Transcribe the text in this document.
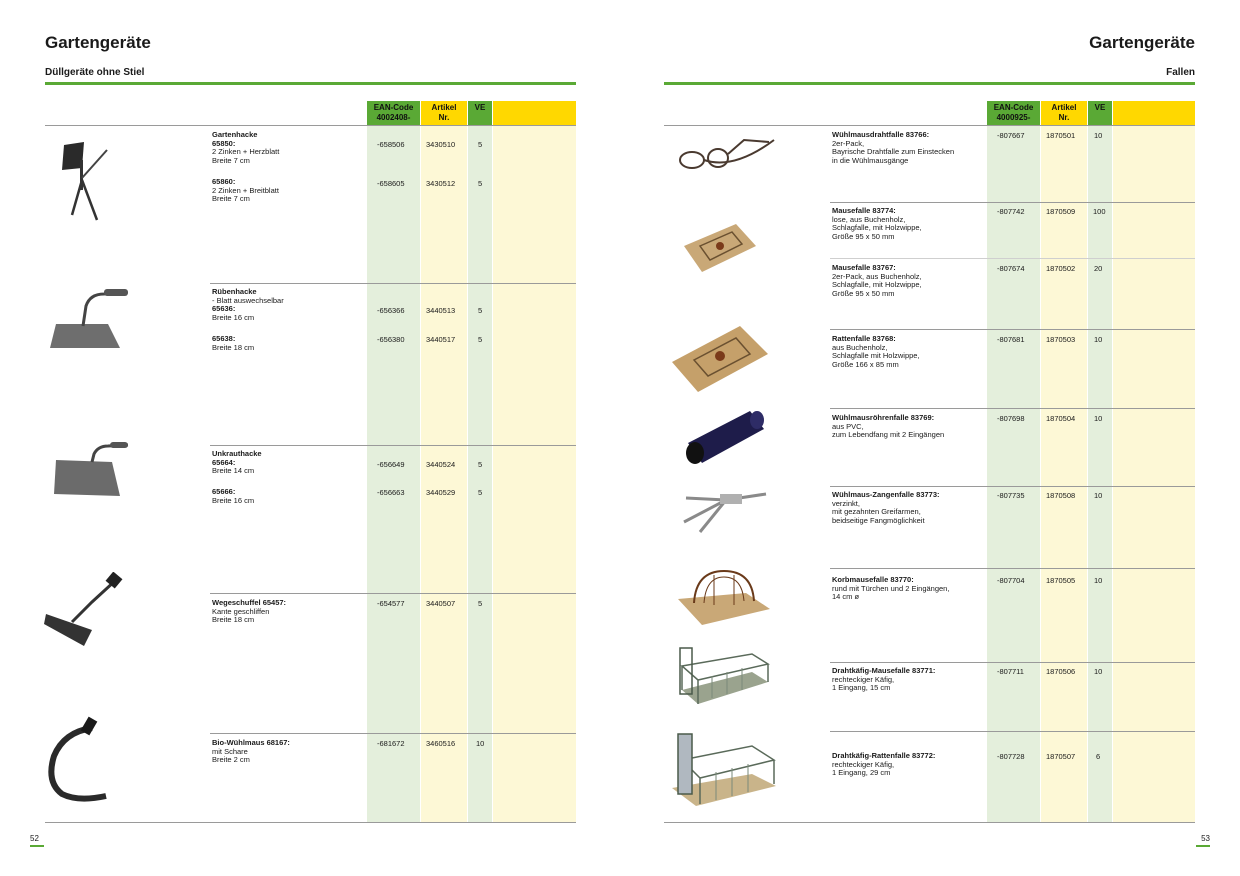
Gartengeräte
Düllgeräte ohne Stiel
EAN-Code
4002408-
Artikel
Nr.
VE
Gartenhacke
65850:
2 Zinken + Herzblatt
Breite 7 cm
-658506	3430510	5
65860:
2 Zinken + Breitblatt
Breite 7 cm
-658605	3430512	5
Rübenhacke
- Blatt auswechselbar
65636:
Breite 16 cm
-656366	3440513	5
65638:
Breite 18 cm
-656380	3440517	5
Unkrauthacke
65664:
Breite 14 cm
-656649	3440524	5
65666:
Breite 16 cm
-656663	3440529	5
Wegeschuffel 65457:
Kante geschliffen
Breite 18 cm
-654577	3440507	5
Bio-Wühlmaus 68167:
mit Schare
Breite 2 cm
-681672	3460516	10
52
Gartengeräte
Fallen
EAN-Code
4000925-
Artikel
Nr.
VE
Wühlmausdrahtfalle 83766:
2er-Pack,
Bayrische Drahtfalle zum Einstecken
in die Wühlmausgänge
-807667	1870501	10
Mausefalle 83774:
lose, aus Buchenholz,
Schlagfalle, mit Holzwippe,
Größe 95 x 50 mm
-807742	1870509 100
Mausefalle 83767:
2er-Pack, aus Buchenholz,
Schlagfalle, mit Holzwippe,
Größe 95 x 50 mm
-807674	1870502	20
Rattenfalle 83768:
aus Buchenholz,
Schlagfalle mit Holzwippe,
Größe 166 x 85 mm
-807681	1870503	10
Wühlmausröhrenfalle 83769:
aus PVC,
zum Lebendfang mit 2 Eingängen
-807698	1870504	10
Wühlmaus-Zangenfalle 83773:
verzinkt,
mit gezahnten Greifarmen,
beidseitige Fangmöglichkeit
-807735	1870508	10
Korbmausefalle 83770:
rund mit Türchen und 2 Eingängen,
14 cm ø
-807704	1870505	10
Drahtkäfig-Mausefalle 83771:
rechteckiger Käfig,
1 Eingang, 15 cm
-807711	1870506	10
Drahtkäfig-Rattenfalle 83772:
rechteckiger Käfig,
1 Eingang, 29 cm
-807728	1870507	6
53
